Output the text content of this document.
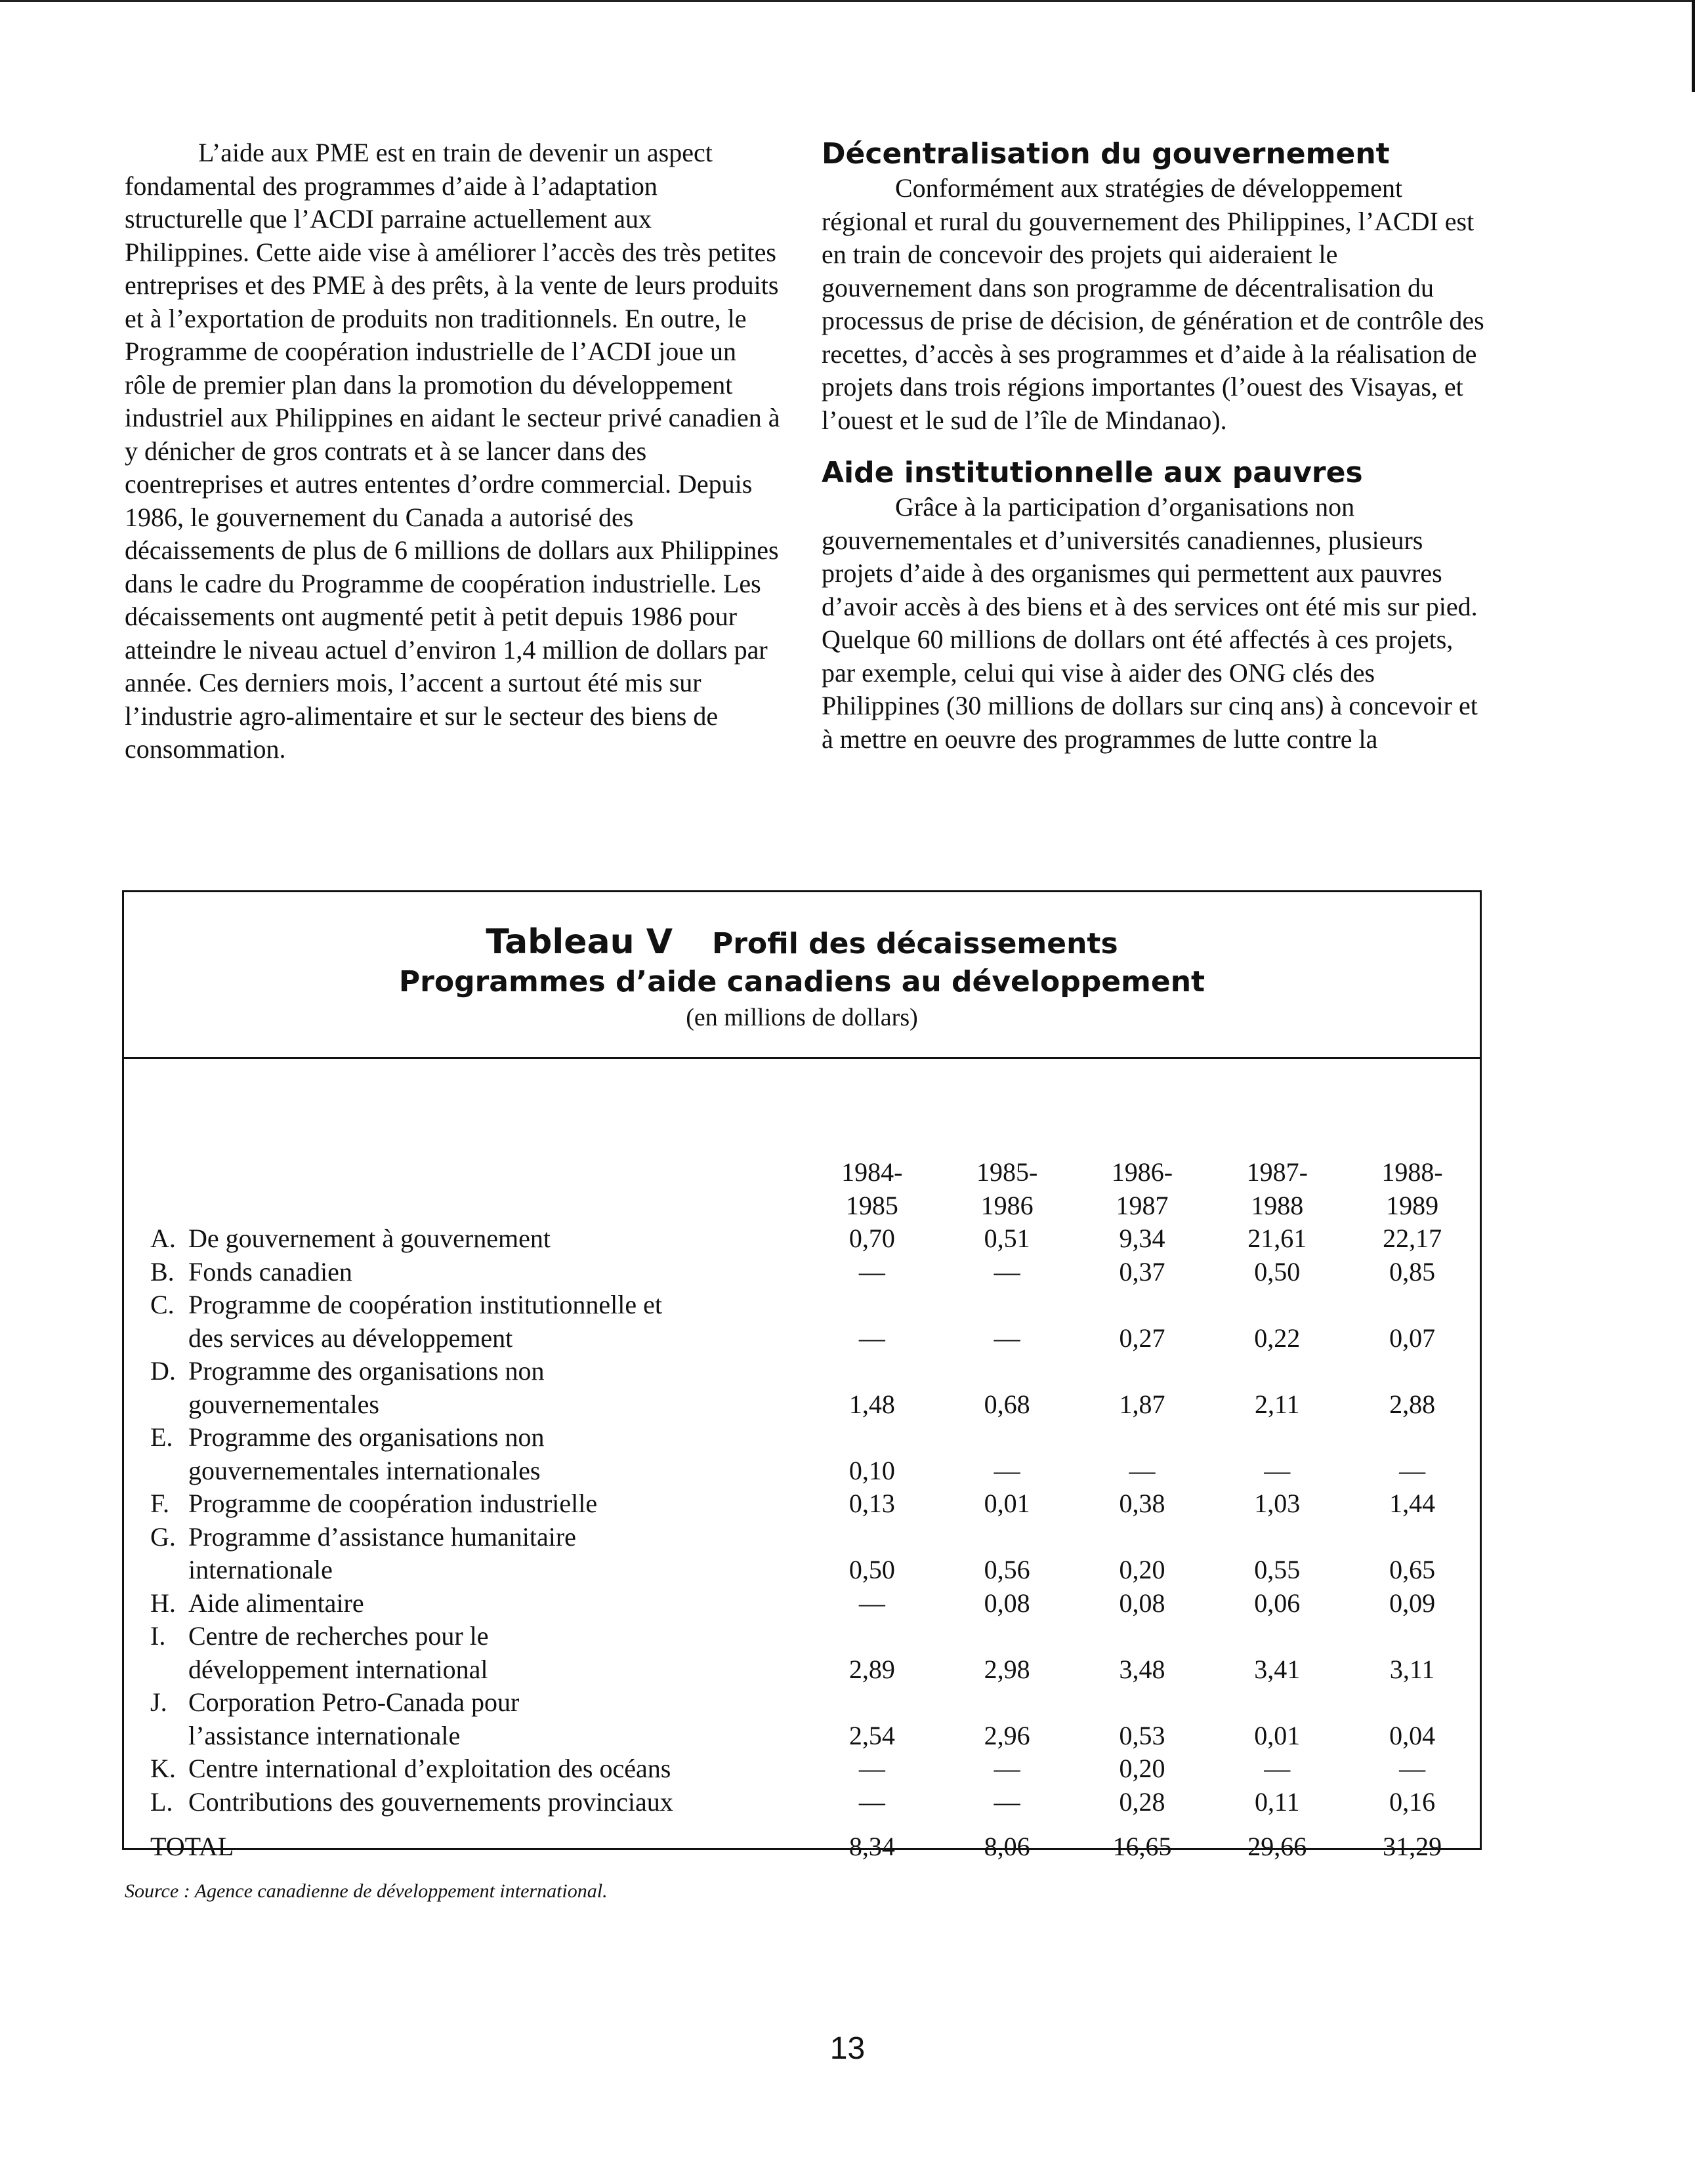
L’aide aux PME est en train de devenir un aspect fondamental des programmes d’aide à l’adaptation structurelle que l’ACDI parraine actuellement aux Philippines. Cette aide vise à améliorer l’accès des très petites entreprises et des PME à des prêts, à la vente de leurs produits et à l’exportation de produits non traditionnels. En outre, le Programme de coopération industrielle de l’ACDI joue un rôle de premier plan dans la promotion du développement industriel aux Philippines en aidant le secteur privé canadien à y dénicher de gros contrats et à se lancer dans des coentreprises et autres ententes d’ordre commercial. Depuis 1986, le gouvernement du Canada a autorisé des décaissements de plus de 6 millions de dollars aux Philippines dans le cadre du Programme de coopération industrielle. Les décaissements ont augmenté petit à petit depuis 1986 pour atteindre le niveau actuel d’environ 1,4 million de dollars par année. Ces derniers mois, l’accent a surtout été mis sur l’industrie agro-alimentaire et sur le secteur des biens de consommation.

Décentralisation du gouvernement

Conformément aux stratégies de développement régional et rural du gouvernement des Philippines, l’ACDI est en train de concevoir des projets qui aideraient le gouvernement dans son programme de décentralisation du processus de prise de décision, de génération et de contrôle des recettes, d’accès à ses programmes et d’aide à la réalisation de projets dans trois régions importantes (l’ouest des Visayas, et l’ouest et le sud de l’île de Mindanao).

Aide institutionnelle aux pauvres

Grâce à la participation d’organisations non gouvernementales et d’universités canadiennes, plusieurs projets d’aide à des organismes qui permettent aux pauvres d’avoir accès à des biens et à des services ont été mis sur pied. Quelque 60 millions de dollars ont été affectés à ces projets, par exemple, celui qui vise à aider des ONG clés des Philippines (30 millions de dollars sur cinq ans) à concevoir et à mettre en oeuvre des programmes de lutte contre la

Tableau V Profil des décaissements
Programmes d’aide canadiens au développement
(en millions de dollars)
		1984-	1985-	1986-	1987-	1988-
		1985	1986	1987	1988	1989
A.	De gouvernement à gouvernement	0,70	0,51	9,34	21,61	22,17
B.	Fonds canadien	—	—	0,37	0,50	0,85
C.	Programme de coopération institutionnelle et					
	des services au développement	—	—	0,27	0,22	0,07
D.	Programme des organisations non					
	gouvernementales	1,48	0,68	1,87	2,11	2,88
E.	Programme des organisations non					
	gouvernementales internationales	0,10	—	—	—	—
F.	Programme de coopération industrielle	0,13	0,01	0,38	1,03	1,44
G.	Programme d’assistance humanitaire					
	internationale	0,50	0,56	0,20	0,55	0,65
H.	Aide alimentaire	—	0,08	0,08	0,06	0,09
I.	Centre de recherches pour le					
	développement international	2,89	2,98	3,48	3,41	3,11
J.	Corporation Petro-Canada pour					
	l’assistance internationale	2,54	2,96	0,53	0,01	0,04
K.	Centre international d’exploitation des océans	—	—	0,20	—	—
L.	Contributions des gouvernements provinciaux	—	—	0,28	0,11	0,16
TOTAL		8,34	8,06	16,65	29,66	31,29
Source : Agence canadienne de développement international.
13
